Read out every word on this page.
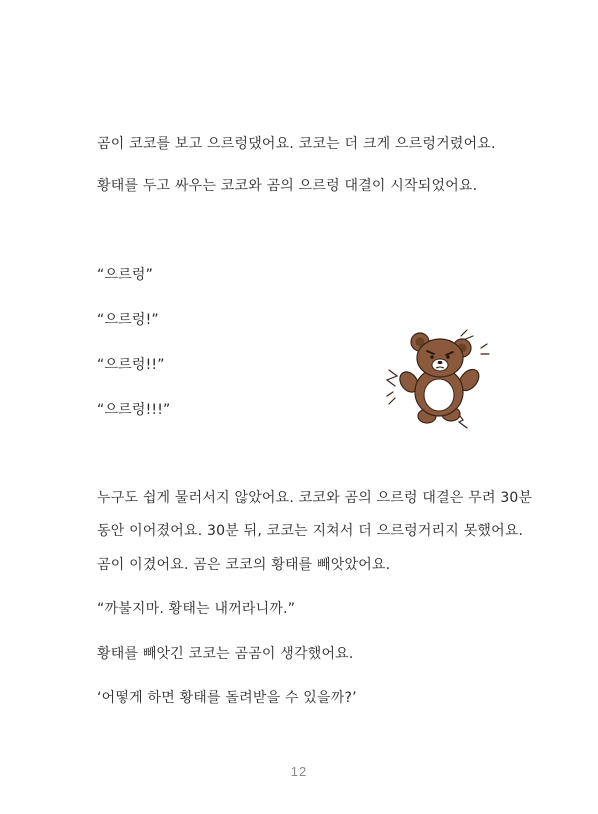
곰이 코코를 보고 으르렁댔어요. 코코는 더 크게 으르렁거렸어요.
황태를 두고 싸우는 코코와 곰의 으르렁 대결이 시작되었어요.
“으르렁”
“으르렁!”
“으르렁!!”
“으르렁!!!”
누구도 쉽게 물러서지 않았어요. 코코와 곰의 으르렁 대결은 무려 30분
동안 이어졌어요. 30분 뒤, 코코는 지쳐서 더 으르렁거리지 못했어요.
곰이 이겼어요. 곰은 코코의 황태를 빼앗았어요.
“까불지마. 황태는 내꺼라니까.”
황태를 빼앗긴 코코는 곰곰이 생각했어요.
‘어떻게 하면 황태를 돌려받을 수 있을까?’
12
